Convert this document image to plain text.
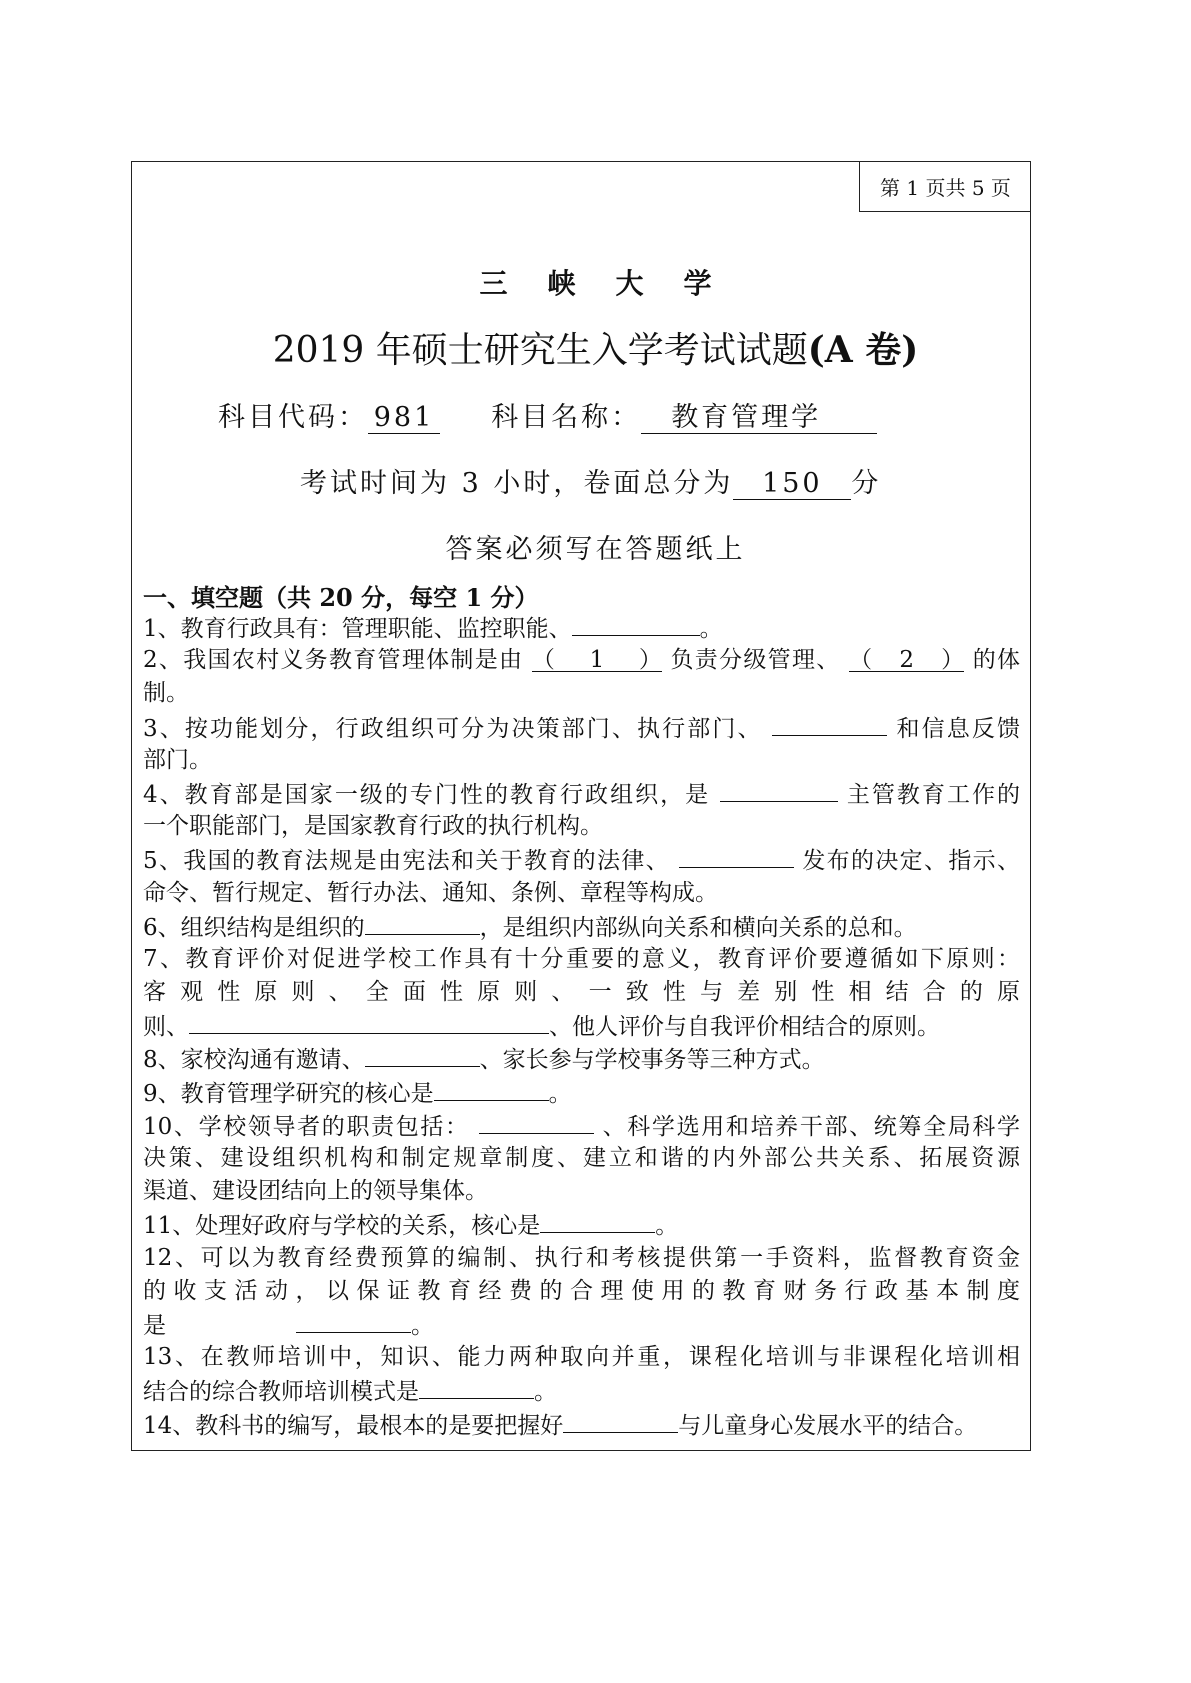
第 1 页共 5 页
三峡大学
2019 年硕士研究生入学考试试题(A 卷)
科目代码： 981 科目名称： 教育管理学
考试时间为 3 小时，卷面总分为 150 分
答案必须写在答题纸上
一、填空题（共 20 分，每空 1 分）
1、教育行政具有：管理职能、监控职能、	。
2、我国农村义务教育管理体制是由 （1） 负责分级管理、 （2） 的体
制。
3、按功能划分，行政组织可分为决策部门、执行部门、	和信息反馈
部门。
4、教育部是国家一级的专门性的教育行政组织，是	主管教育工作的
一个职能部门，是国家教育行政的执行机构。
5、我国的教育法规是由宪法和关于教育的法律、	发布的决定、指示、
命令、暂行规定、暂行办法、通知、条例、章程等构成。
6、组织结构是组织的	，是组织内部纵向关系和横向关系的总和。
7、教育评价对促进学校工作具有十分重要的意义，教育评价要遵循如下原则：
客 观 性 原 则 、 全 面 性 原 则 、 一 致 性 与 差 别 性 相 结 合 的 原
则、	、他人评价与自我评价相结合的原则。
8、家校沟通有邀请、	、家长参与学校事务等三种方式。
9、教育管理学研究的核心是	。
10、学校领导者的职责包括：	、科学选用和培养干部、统筹全局科学
决策、建设组织机构和制定规章制度、建立和谐的内外部公共关系、拓展资源
渠道、建设团结向上的领导集体。
11、处理好政府与学校的关系，核心是	。
12、可以为教育经费预算的编制、执行和考核提供第一手资料，监督教育资金
的 收 支 活 动 ， 以 保 证 教 育 经 费 的 合 理 使 用 的 教 育 财 务 行 政 基 本 制 度
是	。
13、在教师培训中，知识、能力两种取向并重，课程化培训与非课程化培训相
结合的综合教师培训模式是	。
14、教科书的编写，最根本的是要把握好	与儿童身心发展水平的结合。
